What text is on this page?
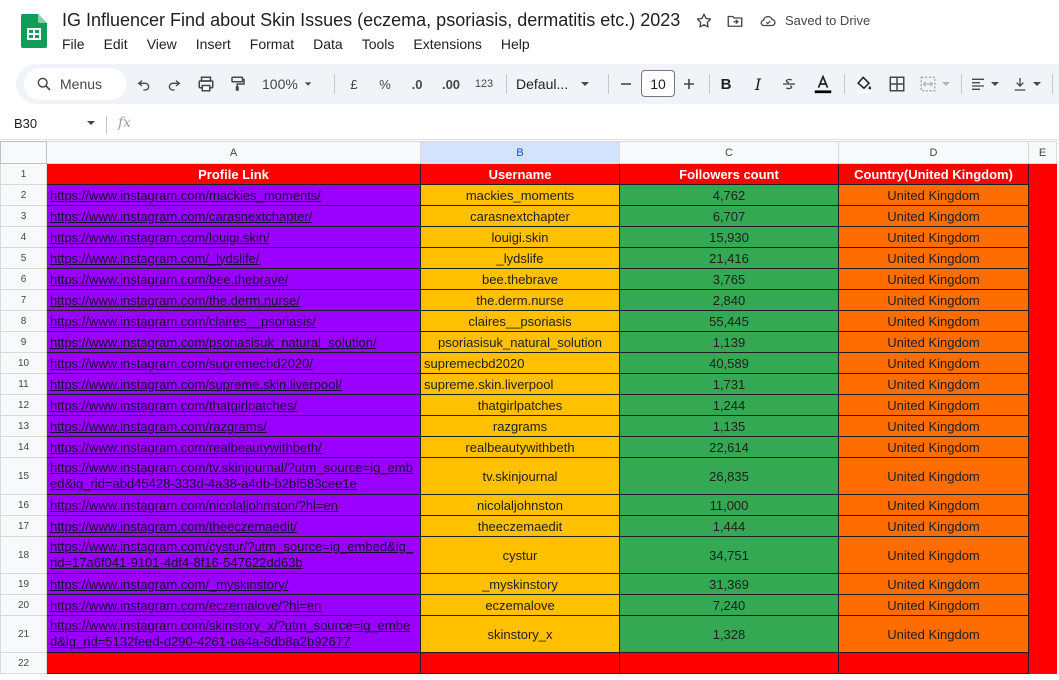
IG Influencer Find about Skin Issues (eczema, psoriasis, dermatitis etc.) 2023	Saved to Drive
File Edit View Insert Format Data Tools Extensions Help
Menus	100%	£	%	.0	.00	123 Defaul...	10	B	I
B30	fx
	A	B	C	D	E
1	Profile Link	Username	Followers count	Country(United Kingdom)	
2	https://www.instagram.com/mackies_moments/	mackies_moments	4,762	United Kingdom	
3	https://www.instagram.com/carasnextchapter/	carasnextchapter	6,707	United Kingdom	
4	https://www.instagram.com/louigi.skin/	louigi.skin	15,930	United Kingdom	
5	https://www.instagram.com/_lydslife/	_lydslife	21,416	United Kingdom	
6	https://www.instagram.com/bee.thebrave/	bee.thebrave	3,765	United Kingdom	
7	https://www.instagram.com/the.derm.nurse/	the.derm.nurse	2,840	United Kingdom	
8	https://www.instagram.com/claires__psoriasis/	claires__psoriasis	55,445	United Kingdom	
9	https://www.instagram.com/psoriasisuk_natural_solution/	psoriasisuk_natural_solution	1,139	United Kingdom	
10	https://www.instagram.com/supremecbd2020/	supremecbd2020	40,589	United Kingdom	
11	https://www.instagram.com/supreme.skin.liverpool/	supreme.skin.liverpool	1,731	United Kingdom	
12	https://www.instagram.com/thatgirlpatches/	thatgirlpatches	1,244	United Kingdom	
13	https://www.instagram.com/razgrams/	razgrams	1,135	United Kingdom	
14	https://www.instagram.com/realbeautywithbeth/	realbeautywithbeth	22,614	United Kingdom	
15	https://www.instagram.com/tv.skinjournal/?utm_source=ig_embed&ig_rid=abd45428-333d-4a38-a4db-b2bf583cee1e	tv.skinjournal	26,835	United Kingdom	
16	https://www.instagram.com/nicolaljohnston/?hl=en	nicolaljohnston	11,000	United Kingdom	
17	https://www.instagram.com/theeczemaedit/	theeczemaedit	1,444	United Kingdom	
18	https://www.instagram.com/cystur/?utm_source=ig_embed&ig_rid=17a6f041-9101-4df4-8f16-547622dd63b	cystur	34,751	United Kingdom	
19	https://www.instagram.com/_myskinstory/	_myskinstory	31,369	United Kingdom	
20	https://www.instagram.com/eczemalove/?hl=en	eczemalove	7,240	United Kingdom	
21	https://www.instagram.com/skinstory_x/?utm_source=ig_embed&ig_rid=5132feed-d290-4261-ba4a-8db8a2b92677	skinstory_x	1,328	United Kingdom	
22					
